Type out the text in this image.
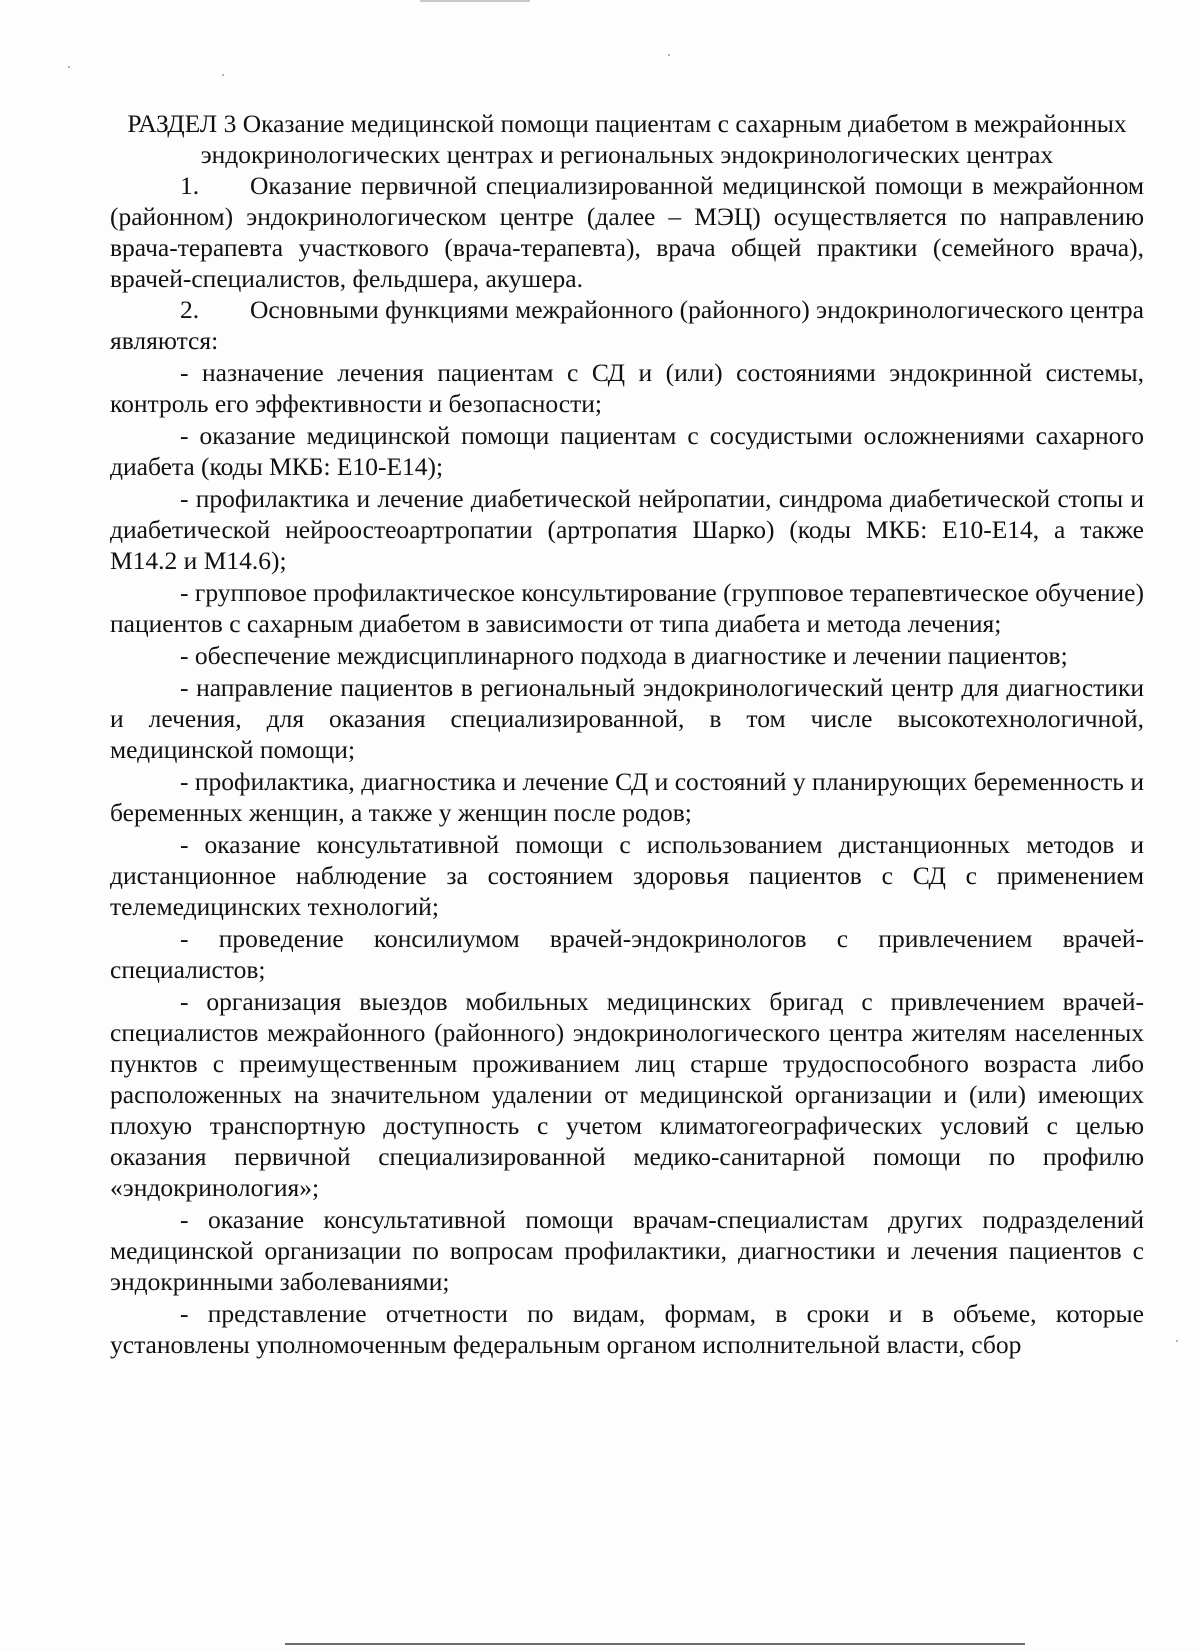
РАЗДЕЛ 3 Оказание медицинской помощи пациентам с сахарным диабетом в межрайонных эндокринологических центрах и региональных эндокринологических центрах

1. Оказание первичной специализированной медицинской помощи в межрайонном (районном) эндокринологическом центре (далее – МЭЦ) осуществляется по направлению врача-терапевта участкового (врача-терапевта), врача общей практики (семейного врача), врачей-специалистов, фельдшера, акушера.

2. Основными функциями межрайонного (районного) эндокринологического центра являются:

- назначение лечения пациентам с СД и (или) состояниями эндокринной системы, контроль его эффективности и безопасности;

- оказание медицинской помощи пациентам с сосудистыми осложнениями сахарного диабета (коды МКБ: Е10-Е14);

- профилактика и лечение диабетической нейропатии, синдрома диабетической стопы и диабетической нейроостеоартропатии (артропатия Шарко) (коды МКБ: Е10-Е14, а также М14.2 и М14.6);

- групповое профилактическое консультирование (групповое терапевтическое обучение) пациентов с сахарным диабетом в зависимости от типа диабета и метода лечения;

- обеспечение междисциплинарного подхода в диагностике и лечении пациентов;

- направление пациентов в региональный эндокринологический центр для диагностики и лечения, для оказания специализированной, в том числе высокотехнологичной, медицинской помощи;

- профилактика, диагностика и лечение СД и состояний у планирующих беременность и беременных женщин, а также у женщин после родов;

- оказание консультативной помощи с использованием дистанционных методов и дистанционное наблюдение за состоянием здоровья пациентов с СД с применением телемедицинских технологий;

- проведение консилиумом врачей-эндокринологов с привлечением врачей-специалистов;

- организация выездов мобильных медицинских бригад с привлечением врачей-специалистов межрайонного (районного) эндокринологического центра жителям населенных пунктов с преимущественным проживанием лиц старше трудоспособного возраста либо расположенных на значительном удалении от медицинской организации и (или) имеющих плохую транспортную доступность с учетом климатогеографических условий с целью оказания первичной специализированной медико-санитарной помощи по профилю «эндокринология»;

- оказание консультативной помощи врачам-специалистам других подразделений медицинской организации по вопросам профилактики, диагностики и лечения пациентов с эндокринными заболеваниями;

- представление отчетности по видам, формам, в сроки и в объеме, которые установлены уполномоченным федеральным органом исполнительной власти, сбор
